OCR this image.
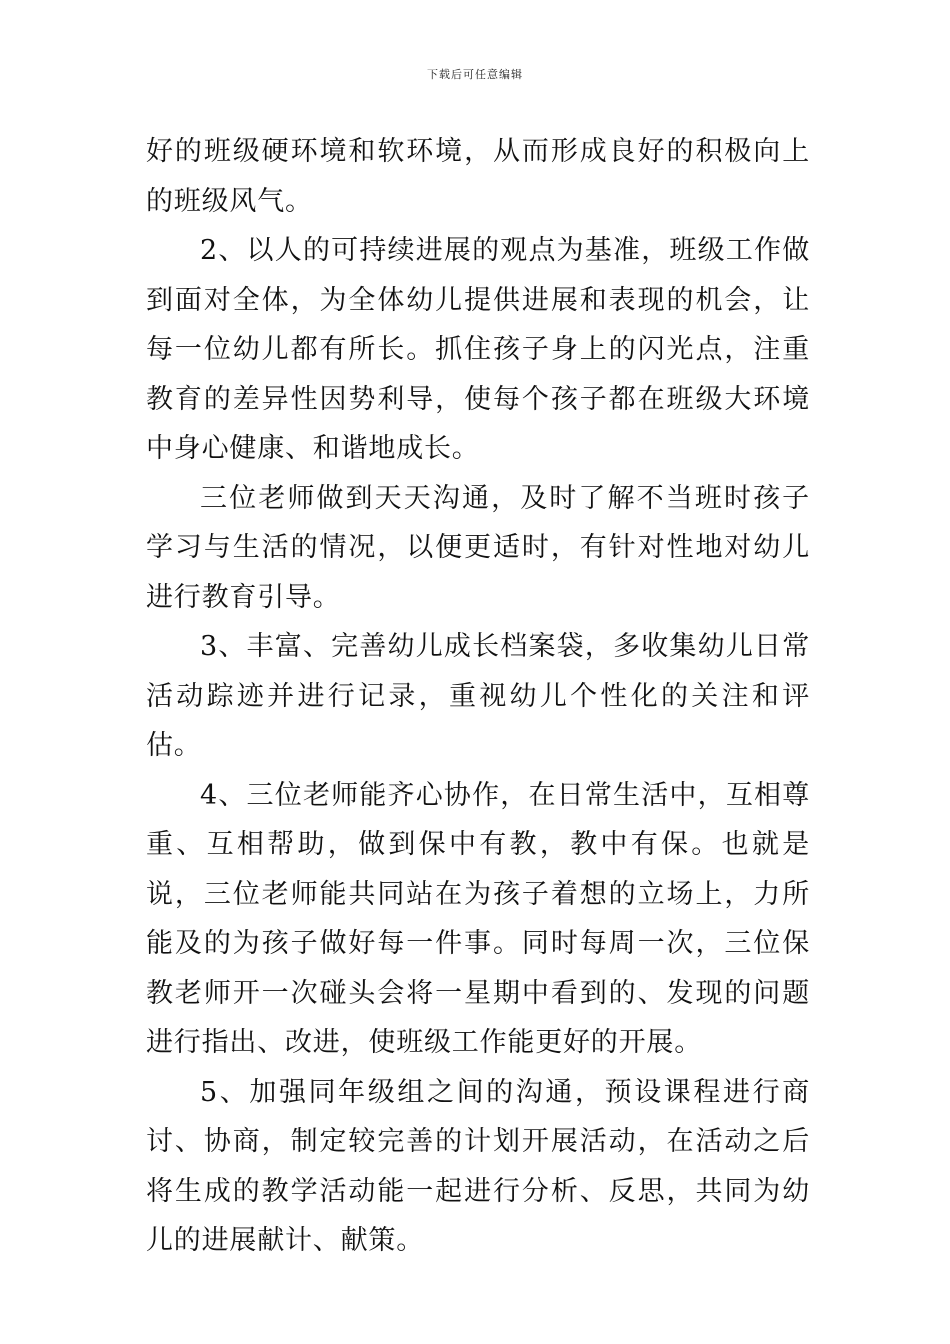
下载后可任意编辑

好的班级硬环境和软环境，从而形成良好的积极向上的班级风气。

2、以人的可持续进展的观点为基准，班级工作做到面对全体，为全体幼儿提供进展和表现的机会，让每一位幼儿都有所长。抓住孩子身上的闪光点，注重教育的差异性因势利导，使每个孩子都在班级大环境中身心健康、和谐地成长。

三位老师做到天天沟通，及时了解不当班时孩子学习与生活的情况，以便更适时，有针对性地对幼儿进行教育引导。

3、丰富、完善幼儿成长档案袋，多收集幼儿日常活动踪迹并进行记录，重视幼儿个性化的关注和评估。

4、三位老师能齐心协作，在日常生活中，互相尊重、互相帮助，做到保中有教，教中有保。也就是说，三位老师能共同站在为孩子着想的立场上，力所能及的为孩子做好每一件事。同时每周一次，三位保教老师开一次碰头会将一星期中看到的、发现的问题进行指出、改进，使班级工作能更好的开展。

5、加强同年级组之间的沟通，预设课程进行商讨、协商，制定较完善的计划开展活动，在活动之后将生成的教学活动能一起进行分析、反思，共同为幼儿的进展献计、献策。
